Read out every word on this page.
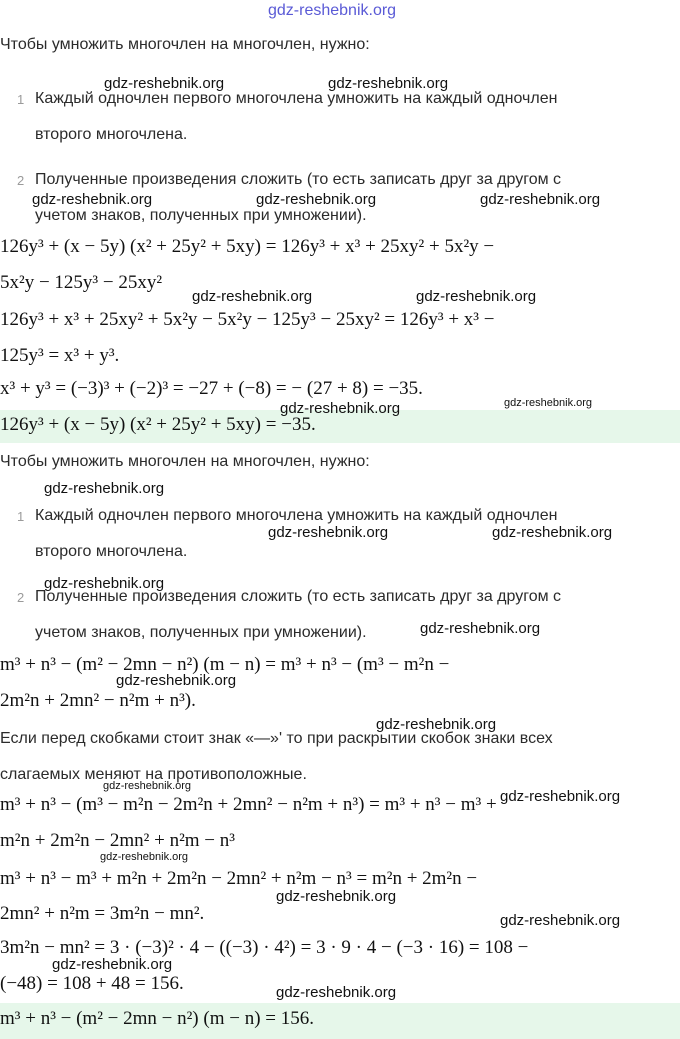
Чтобы умножить многочлен на многочлен, нужно:
1 Каждый одночлен первого многочлена умножить на каждый одночлен
второго многочлена.
2 Полученные произведения сложить (то есть записать друг за другом с
учетом знаков, полученных при умножении).
126y³ + (x − 5y) (x² + 25y² + 5xy) = 126y³ + x³ + 25xy² + 5x²y −
5x²y − 125y³ − 25xy²
126y³ + x³ + 25xy² + 5x²y − 5x²y − 125y³ − 25xy² = 126y³ + x³ −
125y³ = x³ + y³.
x³ + y³ = (−3)³ + (−2)³ = −27 + (−8) = − (27 + 8) = −35.
126y³ + (x − 5y) (x² + 25y² + 5xy) = −35.
Чтобы умножить многочлен на многочлен, нужно:
1 Каждый одночлен первого многочлена умножить на каждый одночлен
второго многочлена.
2 Полученные произведения сложить (то есть записать друг за другом с
учетом знаков, полученных при умножении).
m³ + n³ − (m² − 2mn − n²) (m − n) = m³ + n³ − (m³ − m²n −
2m²n + 2mn² − n²m + n³).
Если перед скобками стоит знак «—»' то при раскрытии скобок знаки всех
слагаемых меняют на противоположные.
m³ + n³ − (m³ − m²n − 2m²n + 2mn² − n²m + n³) = m³ + n³ − m³ +
m²n + 2m²n − 2mn² + n²m − n³
m³ + n³ − m³ + m²n + 2m²n − 2mn² + n²m − n³ = m²n + 2m²n −
2mn² + n²m = 3m²n − mn².
3m²n − mn² = 3 · (−3)² · 4 − ((−3) · 4²) = 3 · 9 · 4 − (−3 · 16) = 108 −
(−48) = 108 + 48 = 156.
m³ + n³ − (m² − 2mn − n²) (m − n) = 156.
gdz-reshebnik.org
gdz-reshebnik.org	gdz-reshebnik.org
gdz-reshebnik.org	gdz-reshebnik.org	gdz-reshebnik.org
gdz-reshebnik.org	gdz-reshebnik.org
gdz-reshebnik.org
gdz-reshebnik.org
gdz-reshebnik.org
gdz-reshebnik.org	gdz-reshebnik.org
gdz-reshebnik.org
gdz-reshebnik.org
gdz-reshebnik.org
gdz-reshebnik.org
gdz-reshebnik.org
gdz-reshebnik.org
gdz-reshebnik.org
gdz-reshebnik.org
gdz-reshebnik.org
gdz-reshebnik.org
gdz-reshebnik.org
